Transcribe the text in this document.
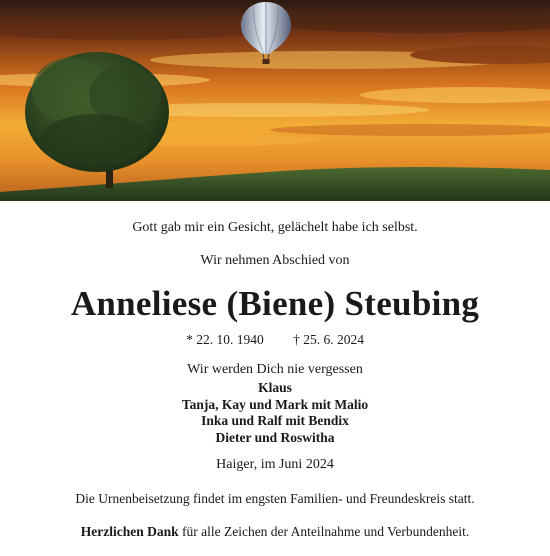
Gott gab mir ein Gesicht, gelächelt habe ich selbst.
Wir nehmen Abschied von
Anneliese (Biene) Steubing
* 22. 10. 1940 † 25. 6. 2024
Wir werden Dich nie vergessen
Klaus
Tanja, Kay und Mark mit Malio
Inka und Ralf mit Bendix
Dieter und Roswitha
Haiger, im Juni 2024
Die Urnenbeisetzung findet im engsten Familien- und Freundeskreis statt.
Herzlichen Dank für alle Zeichen der Anteilnahme und Verbundenheit.
